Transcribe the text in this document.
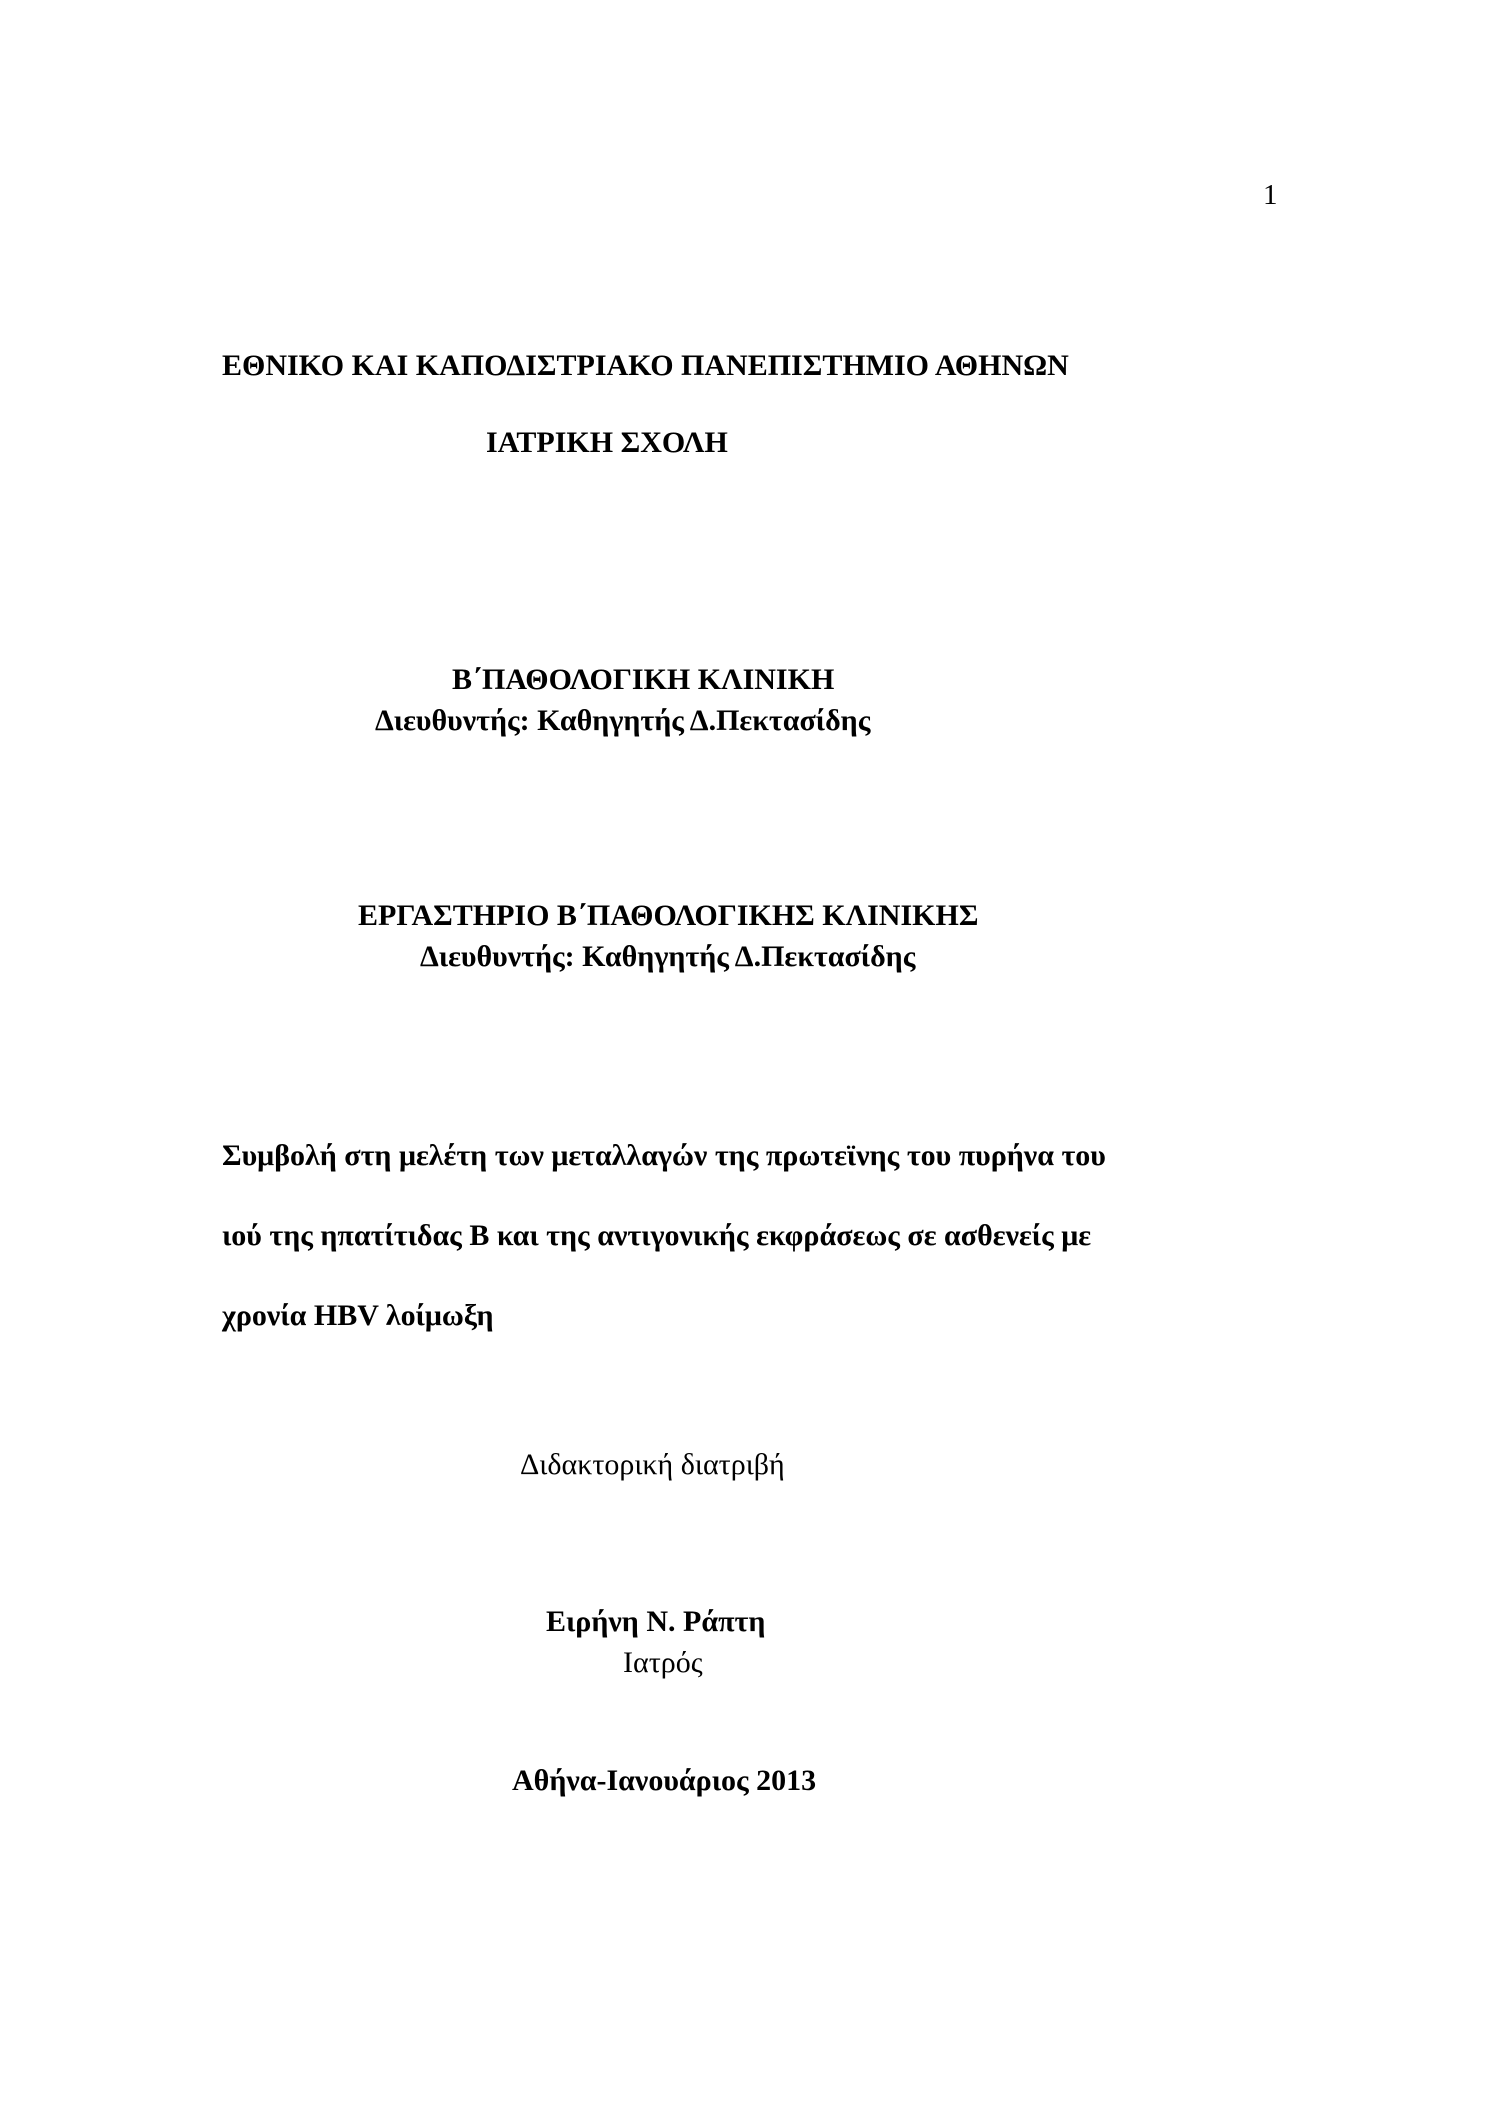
1
ΕΘΝΙΚΟ ΚΑΙ ΚΑΠΟΔΙΣΤΡΙΑΚΟ ΠΑΝΕΠΙΣΤΗΜΙΟ ΑΘΗΝΩΝ
ΙΑΤΡΙΚΗ ΣΧΟΛΗ
Β΄ΠΑΘΟΛΟΓΙΚΗ ΚΛΙΝΙΚΗ
Διευθυντής: Καθηγητής Δ.Πεκτασίδης
ΕΡΓΑΣΤΗΡΙΟ Β΄ΠΑΘΟΛΟΓΙΚΗΣ ΚΛΙΝΙΚΗΣ
Διευθυντής: Καθηγητής Δ.Πεκτασίδης
Συμβολή στη μελέτη των μεταλλαγών της πρωτεϊνης του πυρήνα του
ιού της ηπατίτιδας Β και της αντιγονικής εκφράσεως σε ασθενείς με
χρονία HBV λοίμωξη
Διδακτορική διατριβή
Ειρήνη Ν. Ράπτη
Ιατρός
Αθήνα-Ιανουάριος 2013
